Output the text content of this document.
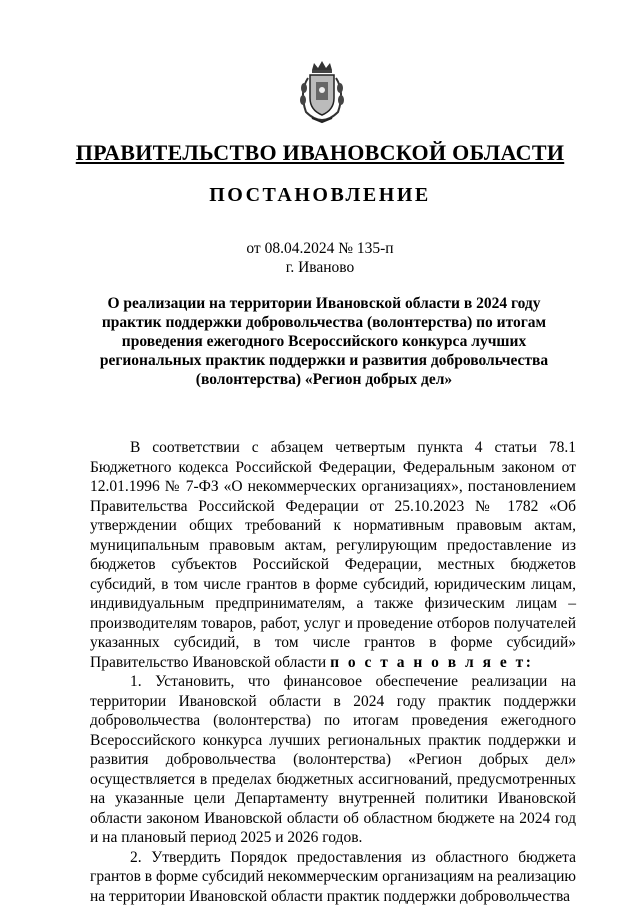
ПРАВИТЕЛЬСТВО ИВАНОВСКОЙ ОБЛАСТИ
ПОСТАНОВЛЕНИЕ
от 08.04.2024 № 135-п
г. Иваново
О реализации на территории Ивановской области в 2024 году практик поддержки добровольчества (волонтерства) по итогам проведения ежегодного Всероссийского конкурса лучших региональных практик поддержки и развития добровольчества (волонтерства) «Регион добрых дел»

В соответствии с абзацем четвертым пункта 4 статьи 78.1 Бюджетного кодекса Российской Федерации, Федеральным законом от 12.01.1996 № 7-ФЗ «О некоммерческих организациях», постановлением Правительства Российской Федерации от 25.10.2023 № 1782 «Об утверждении общих требований к нормативным правовым актам, муниципальным правовым актам, регулирующим предоставление из бюджетов субъектов Российской Федерации, местных бюджетов субсидий, в том числе грантов в форме субсидий, юридическим лицам, индивидуальным предпринимателям, а также физическим лицам – производителям товаров, работ, услуг и проведение отборов получателей указанных субсидий, в том числе грантов в форме субсидий» Правительство Ивановской области п о с т а н о в л я е т:

1. Установить, что финансовое обеспечение реализации на территории Ивановской области в 2024 году практик поддержки добровольчества (волонтерства) по итогам проведения ежегодного Всероссийского конкурса лучших региональных практик поддержки и развития добровольчества (волонтерства) «Регион добрых дел» осуществляется в пределах бюджетных ассигнований, предусмотренных на указанные цели Департаменту внутренней политики Ивановской области законом Ивановской области об областном бюджете на 2024 год и на плановый период 2025 и 2026 годов.

2. Утвердить Порядок предоставления из областного бюджета грантов в форме субсидий некоммерческим организациям на реализацию на территории Ивановской области практик поддержки добровольчества
